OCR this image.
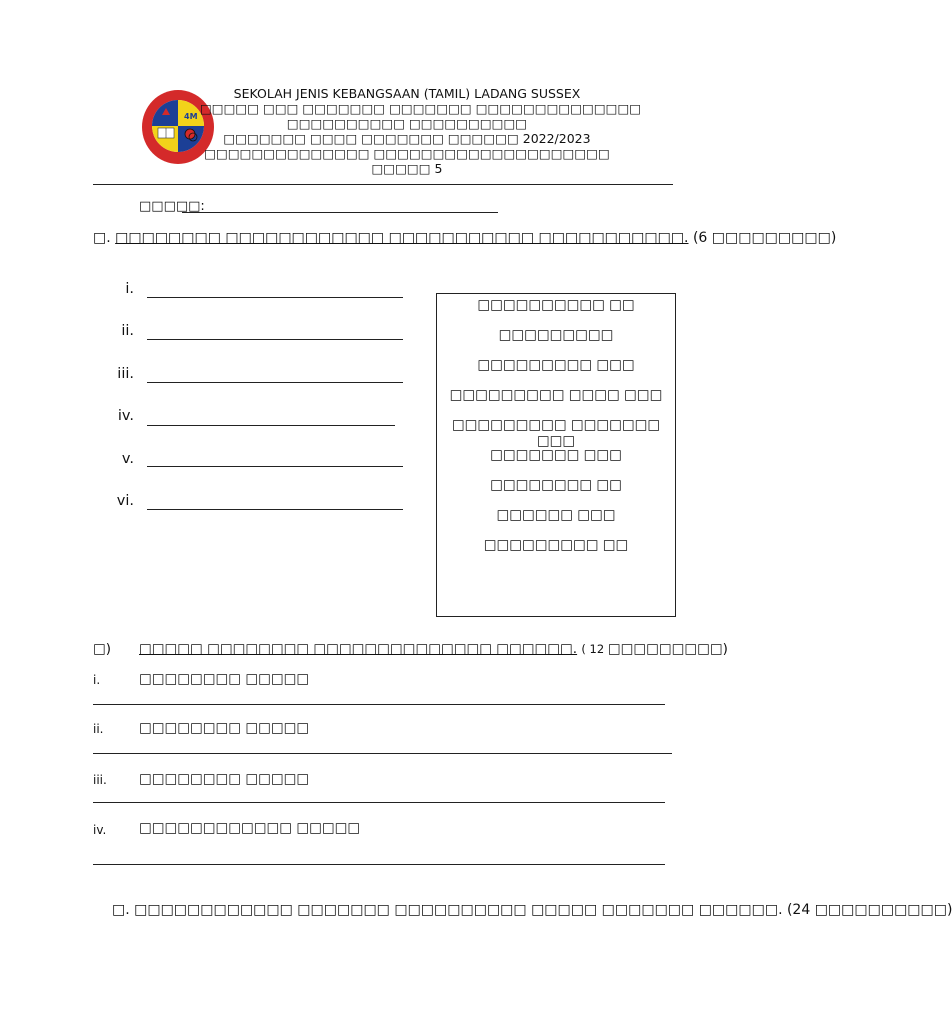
4M
SEKOLAH JENIS KEBANGSAAN (TAMIL) LADANG SUSSEX
□□□□□ □□□ □□□□□□□ □□□□□□□ □□□□□□□□□□□□□□
□□□□□□□□□□ □□□□□□□□□□
□□□□□□□ □□□□ □□□□□□□ □□□□□□ 2022/2023
□□□□□□□□□□□□□□ □□□□□□□□□□□□□□□□□□□□
□□□□□ 5
□□□□□:
□. □□□□□□□□ □□□□□□□□□□□□ □□□□□□□□□□□ □□□□□□□□□□□. (6 □□□□□□□□□)
i.
ii.
iii.
iv.
v.
vi.
□□□□□□□□□□ □□
□□□□□□□□□
□□□□□□□□□ □□□
□□□□□□□□□ □□□□ □□□
□□□□□□□□□ □□□□□□□ □□□
□□□□□□□ □□□
□□□□□□□□ □□
□□□□□□ □□□
□□□□□□□□□ □□
□) □□□□□ □□□□□□□□ □□□□□□□□□□□□□□ □□□□□□. ( 12 □□□□□□□□□)
i.	□□□□□□□□ □□□□□
ii.	□□□□□□□□ □□□□□
iii. □□□□□□□□ □□□□□
iv. □□□□□□□□□□□□ □□□□□
□. □□□□□□□□□□□□ □□□□□□□ □□□□□□□□□□ □□□□□ □□□□□□□ □□□□□□. (24 □□□□□□□□□□)
